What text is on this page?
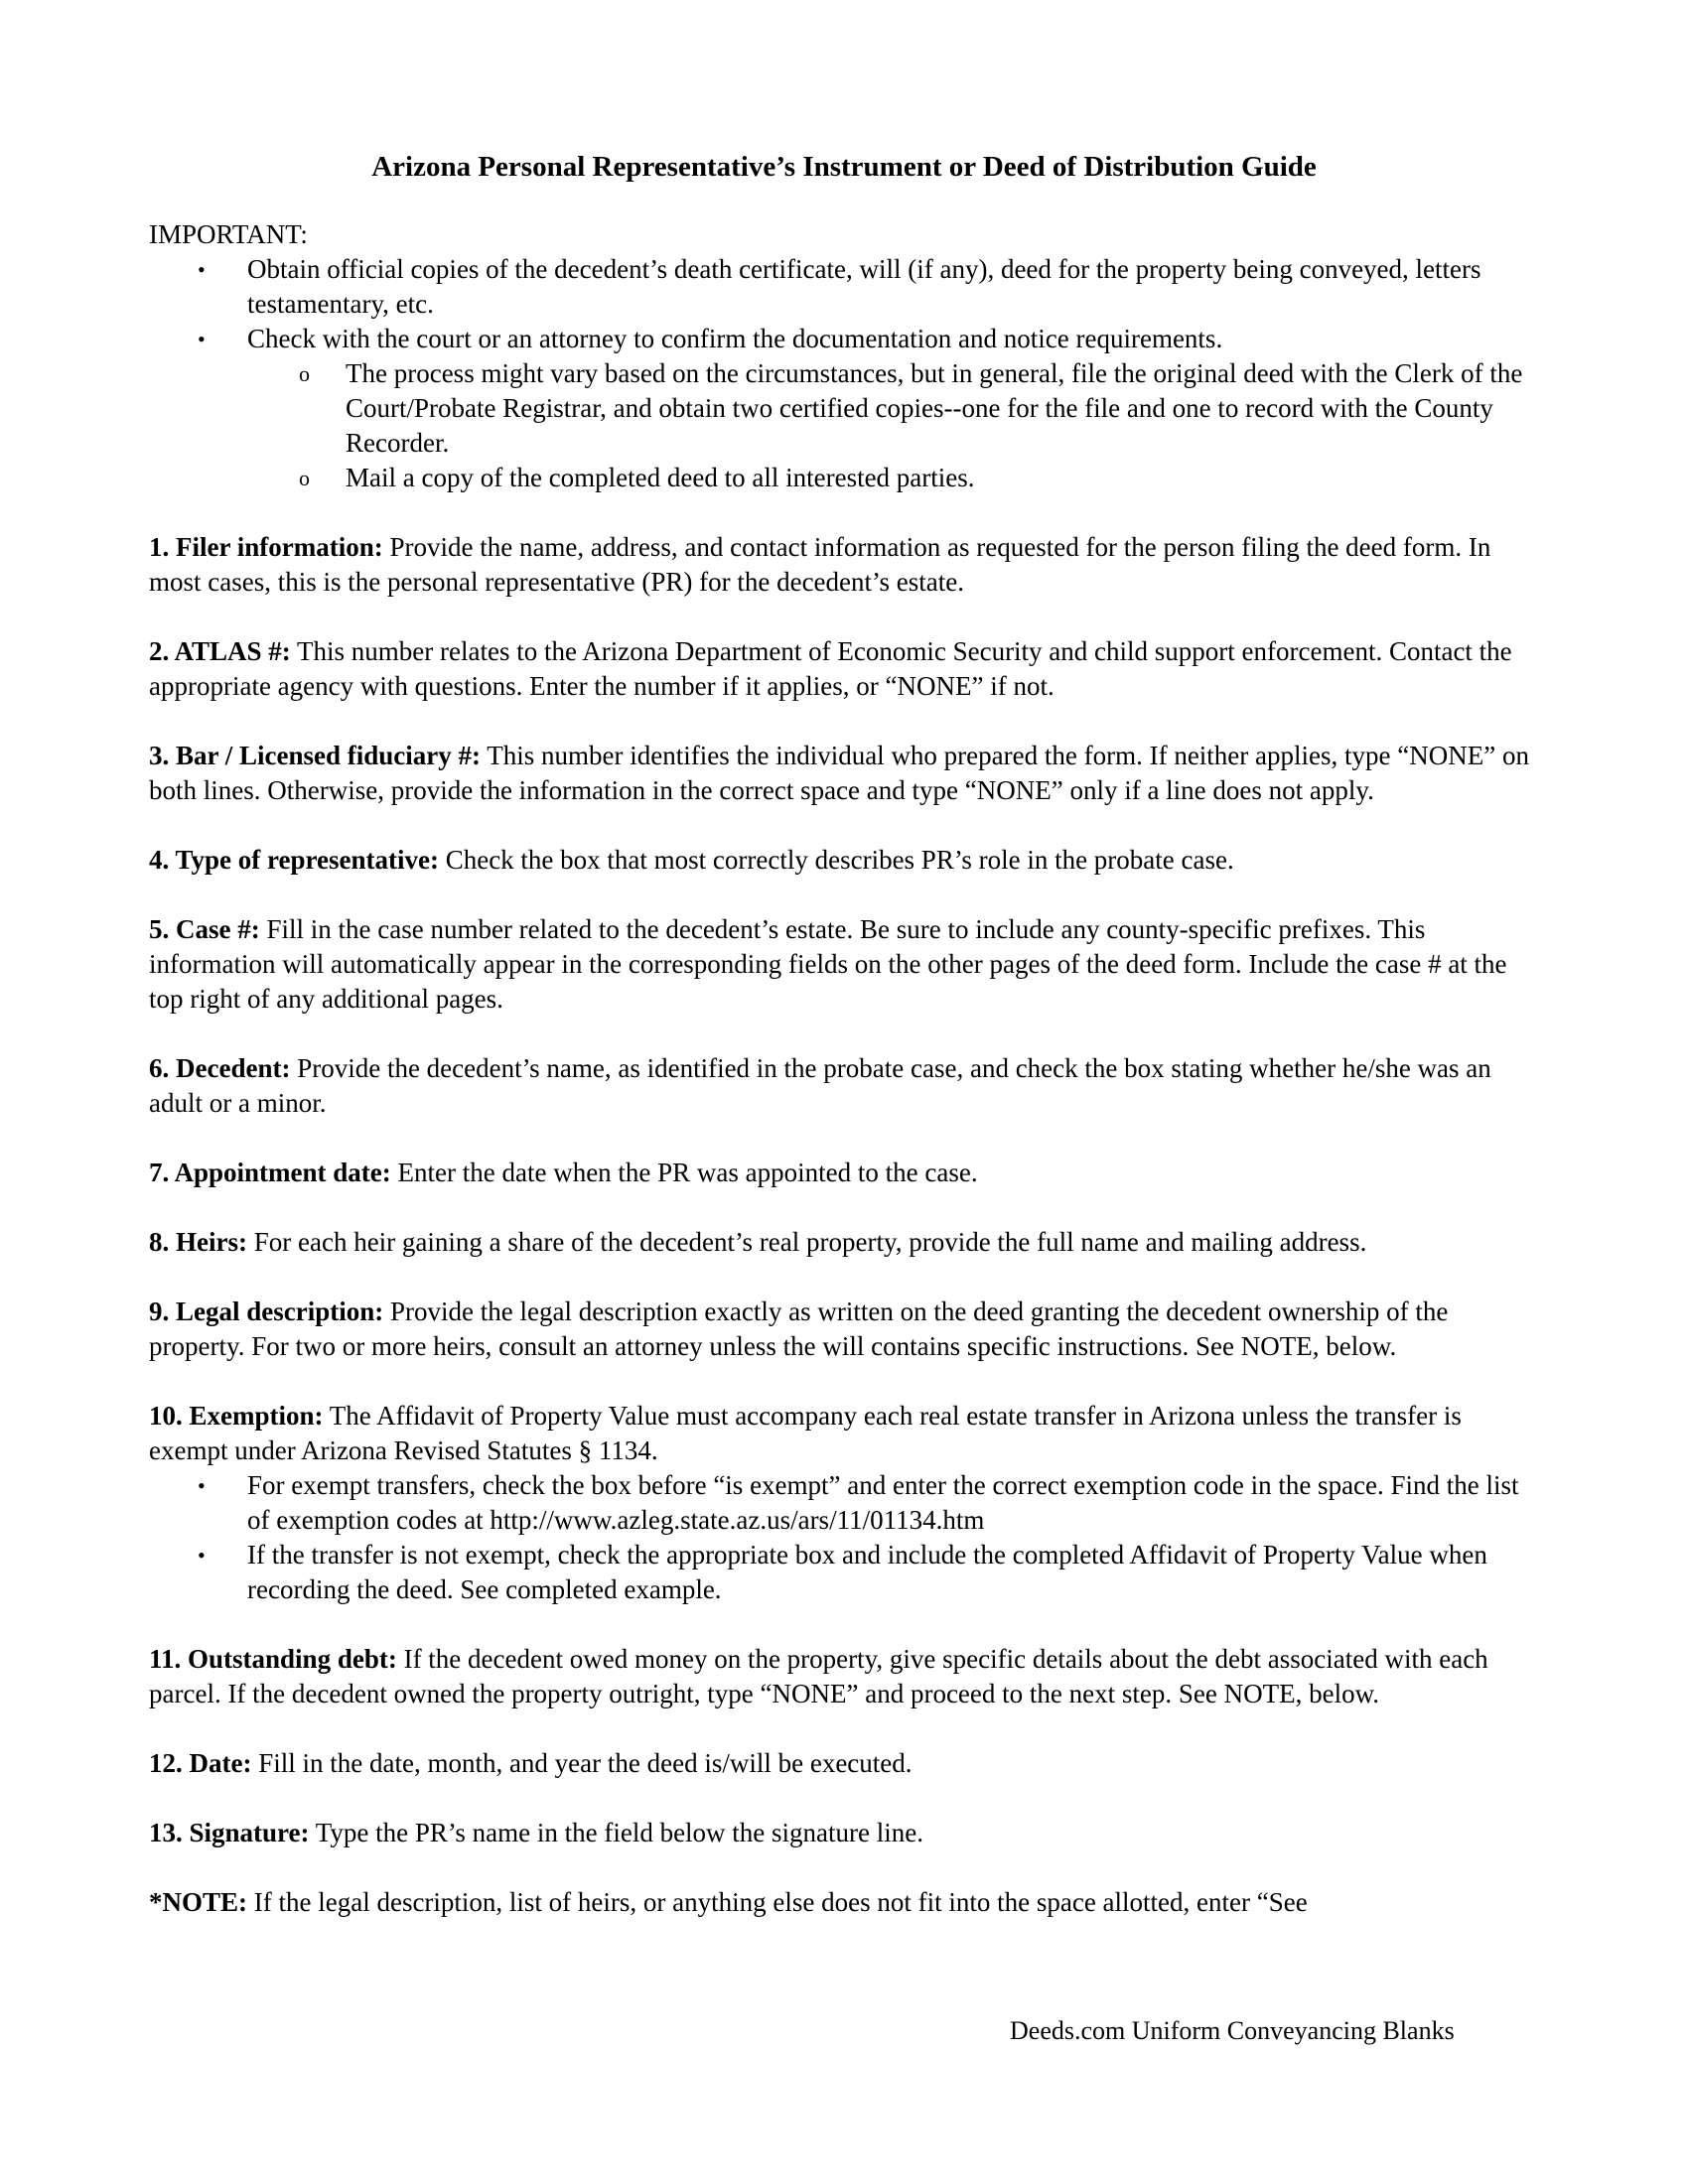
Arizona Personal Representative’s Instrument or Deed of Distribution Guide

IMPORTANT:

• Obtain official copies of the decedent’s death certificate, will (if any), deed for the property being conveyed, letters testamentary, etc.
• Check with the court or an attorney to confirm the documentation and notice requirements.
o The process might vary based on the circumstances, but in general, file the original deed with the Clerk of the Court/Probate Registrar, and obtain two certified copies--one for the file and one to record with the County Recorder.
o Mail a copy of the completed deed to all interested parties.

1. Filer information: Provide the name, address, and contact information as requested for the person filing the deed form. In most cases, this is the personal representative (PR) for the decedent’s estate.

2. ATLAS #: This number relates to the Arizona Department of Economic Security and child support enforcement. Contact the appropriate agency with questions. Enter the number if it applies, or “NONE” if not.

3. Bar / Licensed fiduciary #: This number identifies the individual who prepared the form. If neither applies, type “NONE” on both lines. Otherwise, provide the information in the correct space and type “NONE” only if a line does not apply.

4. Type of representative: Check the box that most correctly describes PR’s role in the probate case.

5. Case #: Fill in the case number related to the decedent’s estate. Be sure to include any county-specific prefixes. This information will automatically appear in the corresponding fields on the other pages of the deed form. Include the case # at the top right of any additional pages.

6. Decedent: Provide the decedent’s name, as identified in the probate case, and check the box stating whether he/she was an adult or a minor.

7. Appointment date: Enter the date when the PR was appointed to the case.

8. Heirs: For each heir gaining a share of the decedent’s real property, provide the full name and mailing address.

9. Legal description: Provide the legal description exactly as written on the deed granting the decedent ownership of the property. For two or more heirs, consult an attorney unless the will contains specific instructions. See NOTE, below.

10. Exemption: The Affidavit of Property Value must accompany each real estate transfer in Arizona unless the transfer is exempt under Arizona Revised Statutes § 1134.

• For exempt transfers, check the box before “is exempt” and enter the correct exemption code in the space. Find the list of exemption codes at http://www.azleg.state.az.us/ars/11/01134.htm
• If the transfer is not exempt, check the appropriate box and include the completed Affidavit of Property Value when recording the deed. See completed example.

11. Outstanding debt: If the decedent owed money on the property, give specific details about the debt associated with each parcel. If the decedent owned the property outright, type “NONE” and proceed to the next step. See NOTE, below.

12. Date: Fill in the date, month, and year the deed is/will be executed.

13. Signature: Type the PR’s name in the field below the signature line.

*NOTE: If the legal description, list of heirs, or anything else does not fit into the space allotted, enter “See

Deeds.com Uniform Conveyancing Blanks
